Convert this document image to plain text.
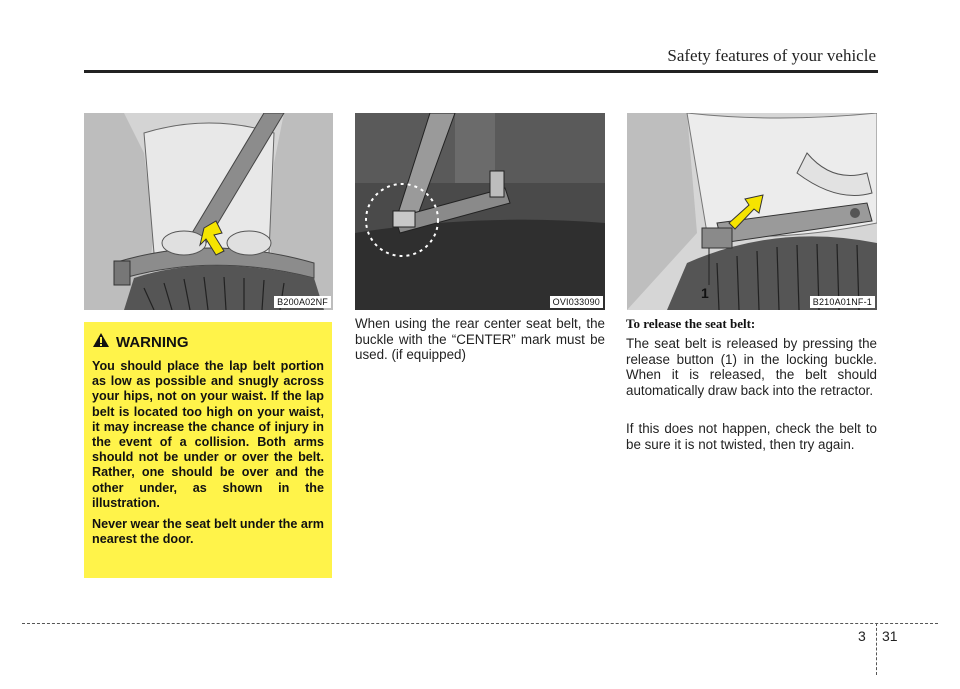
Safety features of your vehicle
B200A02NF	OVI033090
1
B210A01NF-1
WARNING

You should place the lap belt portion as low as possible and snugly across your hips, not on your waist. If the lap belt is located too high on your waist, it may increase the chance of injury in the event of a collision. Both arms should not be under or over the belt. Rather, one should be over and the other under, as shown in the illustration.

Never wear the seat belt under the arm nearest the door.

When using the rear center seat belt, the buckle with the “CENTER” mark must be used. (if equipped)

To release the seat belt:

The seat belt is released by pressing the release button (1) in the locking buckle. When it is released, the belt should automatically draw back into the retractor.

If this does not happen, check the belt to be sure it is not twisted, then try again.

3 31
